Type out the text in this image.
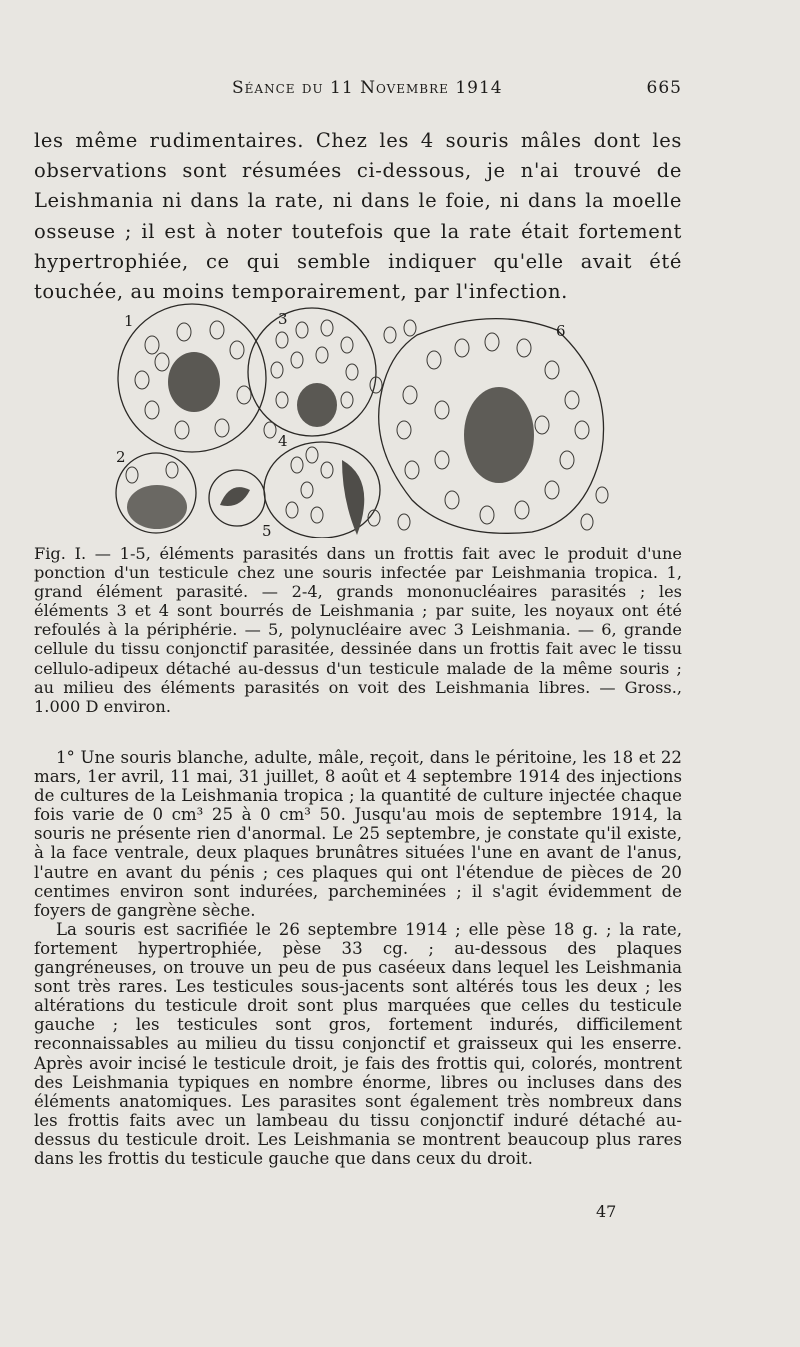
Séance du 11 Novembre 1914	665

les même rudimentaires. Chez les 4 souris mâles dont les observations sont résumées ci-dessous, je n'ai trouvé de Leishmania ni dans la rate, ni dans le foie, ni dans la moelle osseuse ; il est à noter toutefois que la rate était fortement hypertrophiée, ce qui semble indiquer qu'elle avait été touchée, au moins temporairement, par l'infection.

1
2
3
4
5
6

Fig. I. — 1-5, éléments parasités dans un frottis fait avec le produit d'une ponction d'un testicule chez une souris infectée par Leishmania tropica. 1, grand élément parasité. — 2-4, grands mononucléaires parasités ; les éléments 3 et 4 sont bourrés de Leishmania ; par suite, les noyaux ont été refoulés à la périphérie. — 5, polynucléaire avec 3 Leishmania. — 6, grande cellule du tissu conjonctif parasitée, dessinée dans un frottis fait avec le tissu cellulo-adipeux détaché au-dessus d'un testicule malade de la même souris ; au milieu des éléments parasités on voit des Leishmania libres. — Gross., 1.000 D environ.

1° Une souris blanche, adulte, mâle, reçoit, dans le péritoine, les 18 et 22 mars, 1er avril, 11 mai, 31 juillet, 8 août et 4 septembre 1914 des injections de cultures de la Leishmania tropica ; la quantité de culture injectée chaque fois varie de 0 cm³ 25 à 0 cm³ 50. Jusqu'au mois de septembre 1914, la souris ne présente rien d'anormal. Le 25 septembre, je constate qu'il existe, à la face ventrale, deux plaques brunâtres situées l'une en avant de l'anus, l'autre en avant du pénis ; ces plaques qui ont l'étendue de pièces de 20 centimes environ sont indurées, parcheminées ; il s'agit évidemment de foyers de gangrène sèche.

La souris est sacrifiée le 26 septembre 1914 ; elle pèse 18 g. ; la rate, fortement hypertrophiée, pèse 33 cg. ; au-dessous des plaques gangréneuses, on trouve un peu de pus caséeux dans lequel les Leishmania sont très rares. Les testicules sous-jacents sont altérés tous les deux ; les altérations du testicule droit sont plus marquées que celles du testicule gauche ; les testicules sont gros, fortement indurés, difficilement reconnaissables au milieu du tissu conjonctif et graisseux qui les enserre. Après avoir incisé le testicule droit, je fais des frottis qui, colorés, montrent des Leishmania typiques en nombre énorme, libres ou incluses dans des éléments anatomiques. Les parasites sont également très nombreux dans les frottis faits avec un lambeau du tissu conjonctif induré détaché au-dessus du testicule droit. Les Leishmania se montrent beaucoup plus rares dans les frottis du testicule gauche que dans ceux du droit.

47
